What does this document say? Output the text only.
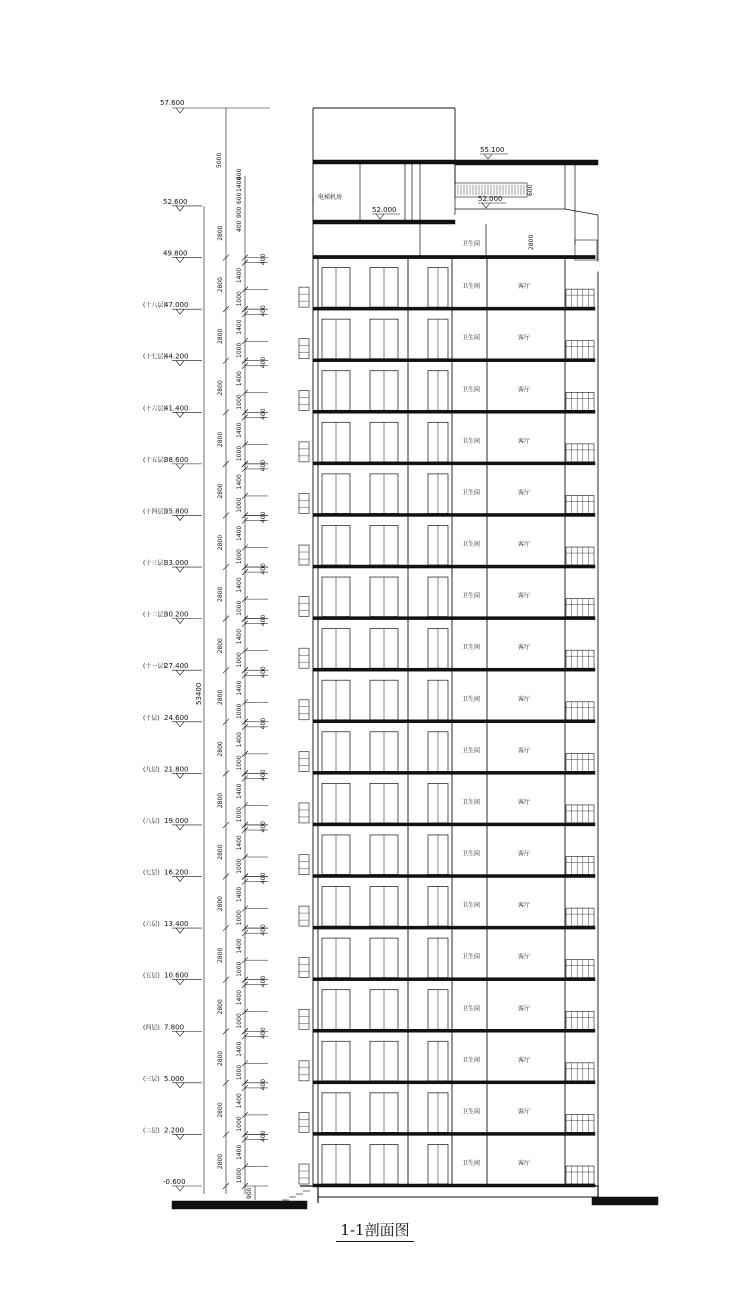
600
2800
53400
5000
900
2800
1000
1400
400
2800
1000
1400
400
2800
1000
1400
400
2800
1000
1400
400
2800
1000
1400
400
2800
1000
1400
400
2800
1000
1400
400
2800
1000
1400
400
2800
1000
1400
400
2800
1000
1400
400
2800
1000
1400
400
2800
1000
1400
400
2800
1000
1400
400
2800
1000
1400
400
2800
1000
1400
400
2800
1000
1400
400
2800
1000
1400
400
2800
1000
1400
400
2800
600
900
400
1400
400
卫生间	客厅
卫生间	客厅
卫生间	客厅
卫生间	客厅
卫生间	客厅
卫生间	客厅
卫生间	客厅
卫生间	客厅
卫生间	客厅
卫生间	客厅
卫生间	客厅
卫生间	客厅
卫生间	客厅
卫生间	客厅
卫生间	客厅
卫生间	客厅
卫生间	客厅
卫生间	客厅
卫生间
电梯机房
52.000
55.100
52.000
-0.600
(二层) 2.200
(三层) 5.000
(四层) 7.800
(五层) 10.600
(六层) 13.400
(七层) 16.200
(八层) 19.000
(九层) 21.800
(十层) 24.600
(十一层)
27.400
(十二层)
30.200
(十三层)
33.000
(十四层)
35.800
(十五层)
38.600
(十六层)
41.400
(十七层)
44.200
(十八层)
47.000
49.800
52.600
57.600
1-1剖面图
